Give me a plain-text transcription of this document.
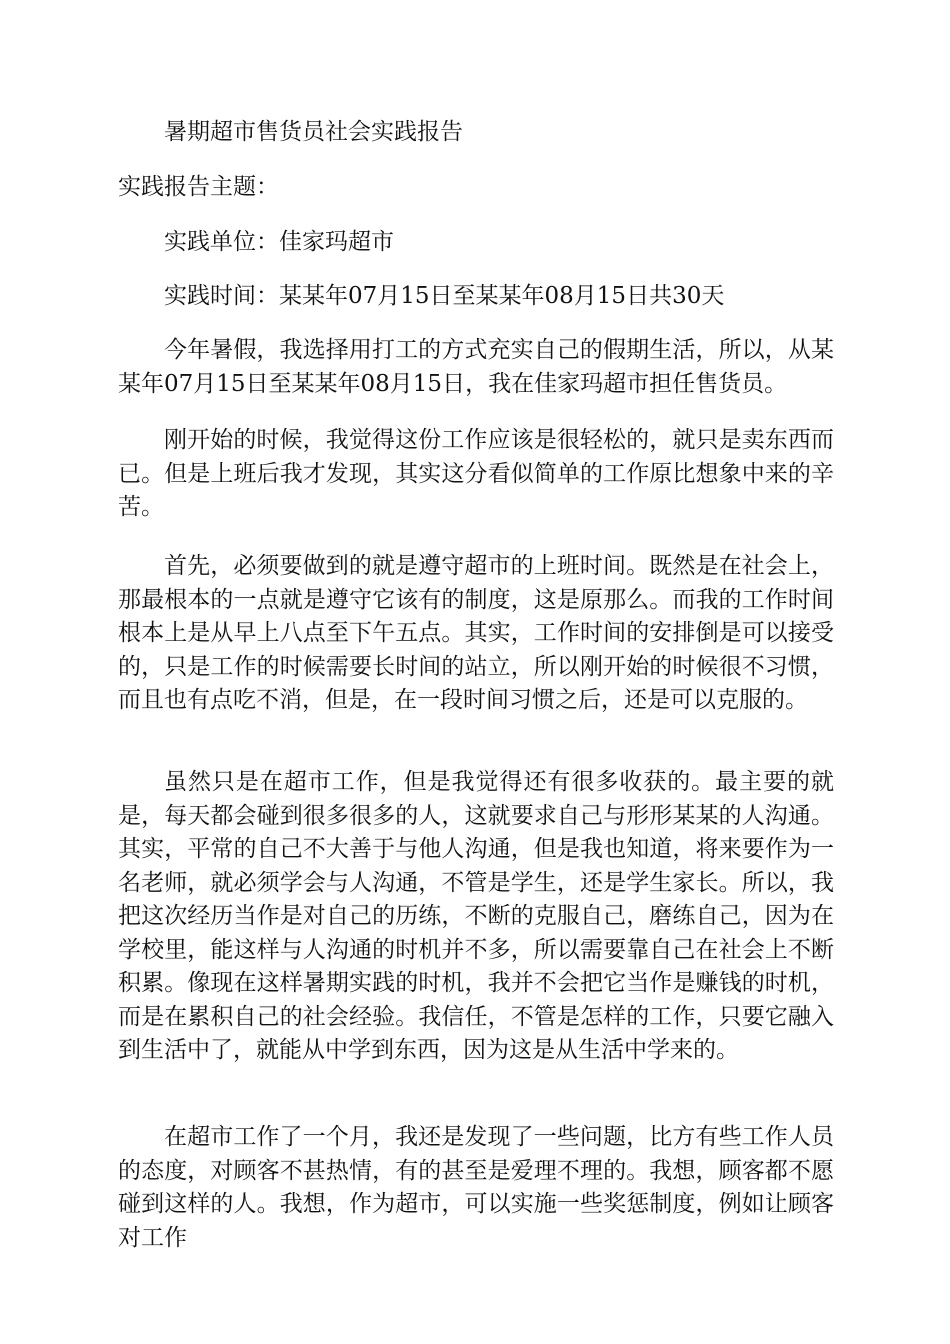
暑期超市售货员社会实践报告
实践报告主题：
实践单位：佳家玛超市
实践时间：某某年07月15日至某某年08月15日共30天
今年暑假，我选择用打工的方式充实自己的假期生活，所以，从某某年07月15日至某某年08月15日，我在佳家玛超市担任售货员。
刚开始的时候，我觉得这份工作应该是很轻松的，就只是卖东西而已。但是上班后我才发现，其实这分看似简单的工作原比想象中来的辛苦。
首先，必须要做到的就是遵守超市的上班时间。既然是在社会上，那最根本的一点就是遵守它该有的制度，这是原那么。而我的工作时间根本上是从早上八点至下午五点。其实，工作时间的安排倒是可以接受的，只是工作的时候需要长时间的站立，所以刚开始的时候很不习惯，而且也有点吃不消，但是，在一段时间习惯之后，还是可以克服的。
虽然只是在超市工作，但是我觉得还有很多收获的。最主要的就是，每天都会碰到很多很多的人，这就要求自己与形形某某的人沟通。其实，平常的自己不大善于与他人沟通，但是我也知道，将来要作为一名老师，就必须学会与人沟通，不管是学生，还是学生家长。所以，我把这次经历当作是对自己的历练，不断的克服自己，磨练自己，因为在学校里，能这样与人沟通的时机并不多，所以需要靠自己在社会上不断积累。像现在这样暑期实践的时机，我并不会把它当作是赚钱的时机，而是在累积自己的社会经验。我信任，不管是怎样的工作，只要它融入到生活中了，就能从中学到东西，因为这是从生活中学来的。
在超市工作了一个月，我还是发现了一些问题，比方有些工作人员的态度，对顾客不甚热情，有的甚至是爱理不理的。我想，顾客都不愿碰到这样的人。我想，作为超市，可以实施一些奖惩制度，例如让顾客对工作
